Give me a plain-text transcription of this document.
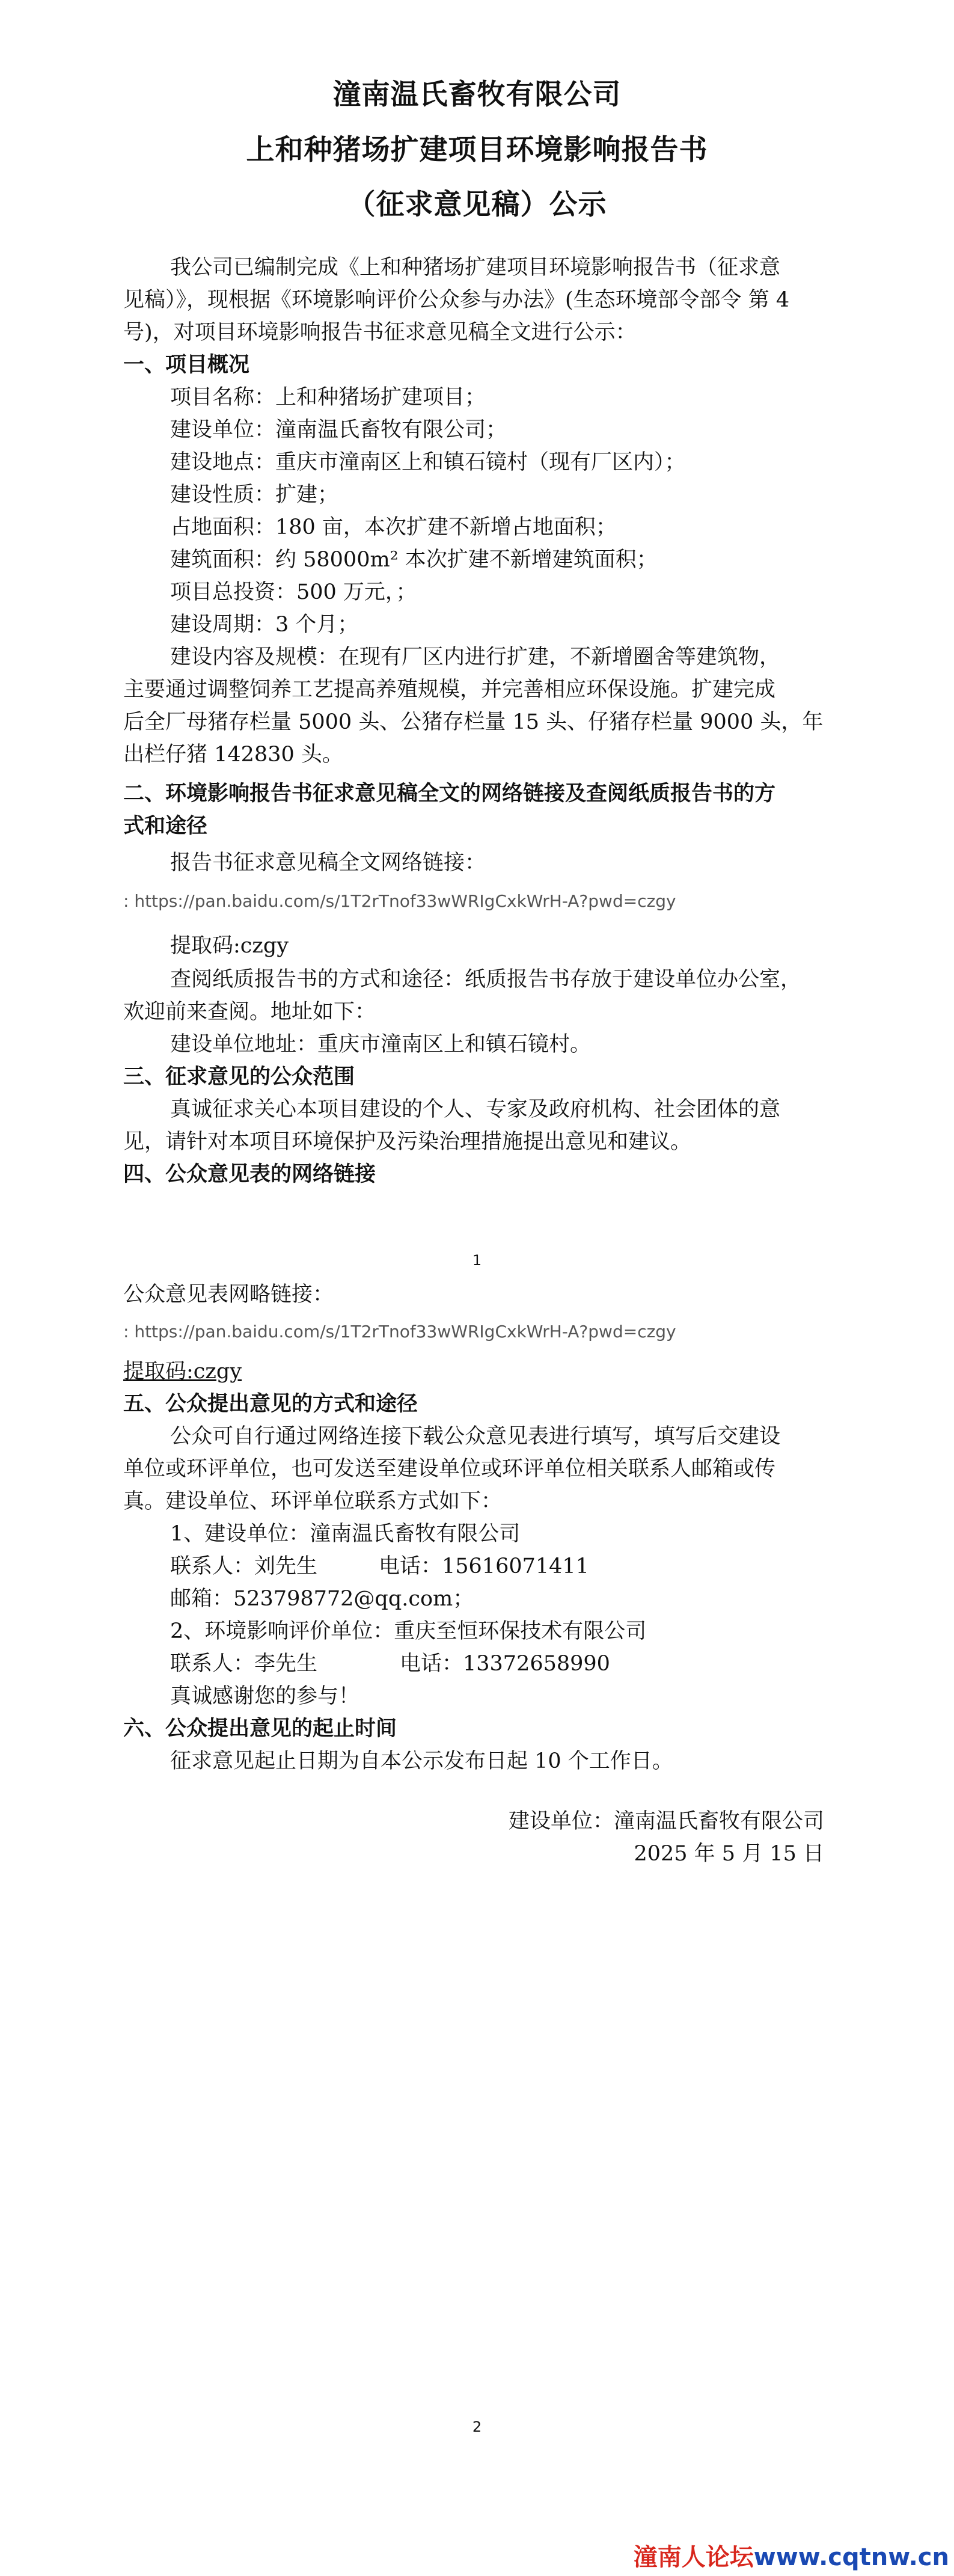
潼南温氏畜牧有限公司
上和种猪场扩建项目环境影响报告书
（征求意见稿）公示
我公司已编制完成《上和种猪场扩建项目环境影响报告书（征求意
见稿）》，现根据《环境影响评价公众参与办法》(生态环境部令部令 第 4
号)，对项目环境影响报告书征求意见稿全文进行公示：
一、项目概况
项目名称：上和种猪场扩建项目；
建设单位：潼南温氏畜牧有限公司；
建设地点：重庆市潼南区上和镇石镜村（现有厂区内）；
建设性质：扩建；
占地面积：180 亩，本次扩建不新增占地面积；
建筑面积：约 58000m² 本次扩建不新增建筑面积；
项目总投资：500 万元，；
建设周期：3 个月；
建设内容及规模：在现有厂区内进行扩建，不新增圈舍等建筑物，
主要通过调整饲养工艺提高养殖规模，并完善相应环保设施。扩建完成
后全厂母猪存栏量 5000 头、公猪存栏量 15 头、仔猪存栏量 9000 头，年
出栏仔猪 142830 头。
二、环境影响报告书征求意见稿全文的网络链接及查阅纸质报告书的方
式和途径
报告书征求意见稿全文网络链接：
: https://pan.baidu.com/s/1T2rTnof33wWRIgCxkWrH-A?pwd=czgy
提取码:czgy
查阅纸质报告书的方式和途径：纸质报告书存放于建设单位办公室，
欢迎前来查阅。地址如下：
建设单位地址：重庆市潼南区上和镇石镜村。
三、征求意见的公众范围
真诚征求关心本项目建设的个人、专家及政府机构、社会团体的意
见，请针对本项目环境保护及污染治理措施提出意见和建议。
四、公众意见表的网络链接
1
公众意见表网略链接：
: https://pan.baidu.com/s/1T2rTnof33wWRIgCxkWrH-A?pwd=czgy
提取码:czgy
五、公众提出意见的方式和途径
公众可自行通过网络连接下载公众意见表进行填写，填写后交建设
单位或环评单位，也可发送至建设单位或环评单位相关联系人邮箱或传
真。建设单位、环评单位联系方式如下：
1、建设单位：潼南温氏畜牧有限公司
联系人：刘先生	电话：15616071411
邮箱：523798772@qq.com；
2、环境影响评价单位：重庆至恒环保技术有限公司
联系人：李先生	电话：13372658990
真诚感谢您的参与！
六、公众提出意见的起止时间
征求意见起止日期为自本公示发布日起 10 个工作日。
建设单位：潼南温氏畜牧有限公司
2025 年 5 月 15 日
2
潼南人论坛www.cqtnw.cn
